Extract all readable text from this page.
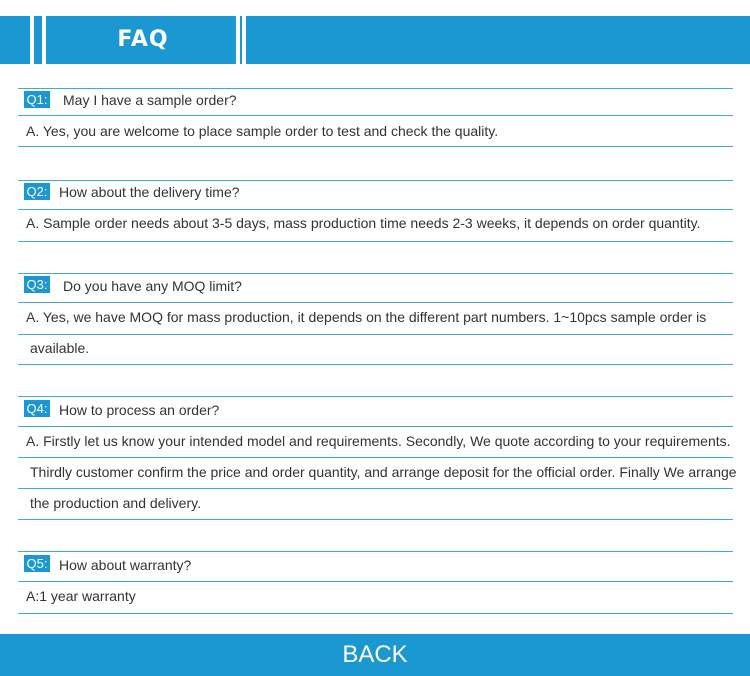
FAQ
Q1: May I have a sample order?
A. Yes, you are welcome to place sample order to test and check the quality.
Q2: How about the delivery time?
A. Sample order needs about 3-5 days, mass production time needs 2-3 weeks, it depends on order quantity.
Q3: Do you have any MOQ limit?
A. Yes, we have MOQ for mass production, it depends on the different part numbers. 1~10pcs sample order is
available.
Q4: How to process an order?
A. Firstly let us know your intended model and requirements. Secondly, We quote according to your requirements.
Thirdly customer confirm the price and order quantity, and arrange deposit for the official order. Finally We arrange
the production and delivery.
Q5: How about warranty?
A:1 year warranty
BACK
